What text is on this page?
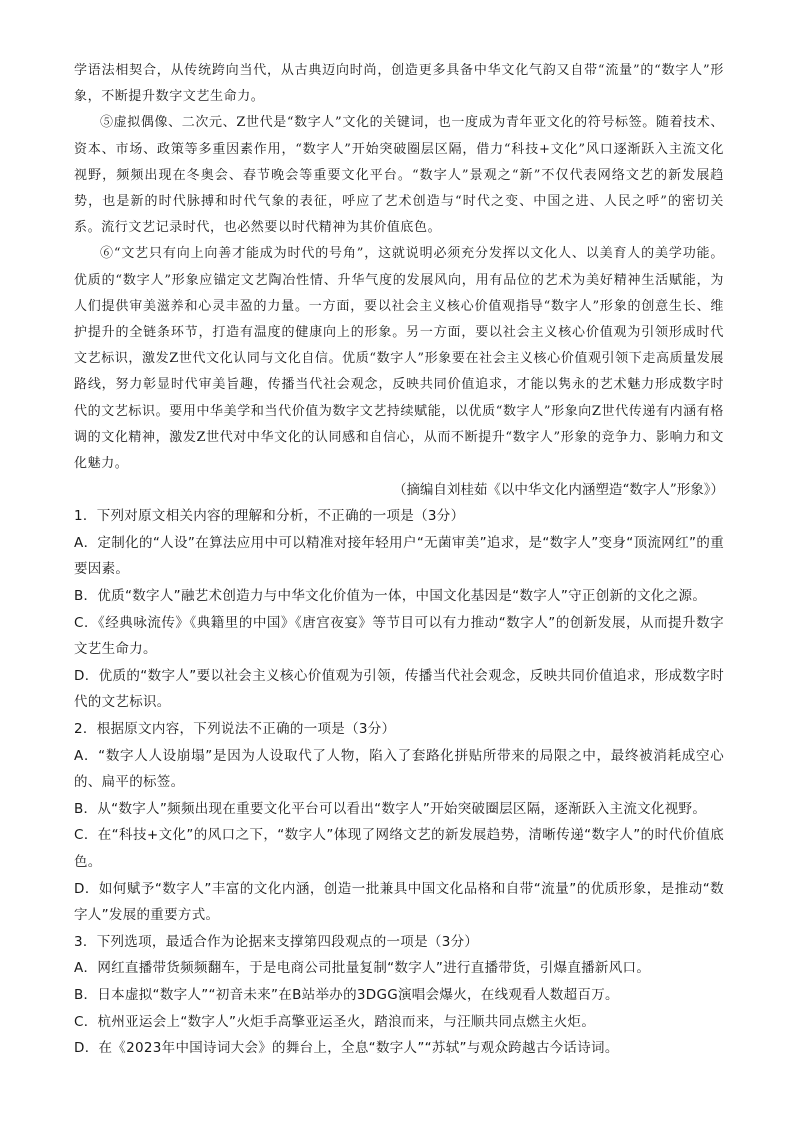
学语法相契合，从传统跨向当代，从古典迈向时尚，创造更多具备中华文化气韵又自带“流量”的“数字人”形象，不断提升数字文艺生命力。

⑤虚拟偶像、二次元、Z世代是“数字人”文化的关键词，也一度成为青年亚文化的符号标签。随着技术、资本、市场、政策等多重因素作用，“数字人”开始突破圈层区隔，借力“科技+文化”风口逐渐跃入主流文化视野，频频出现在冬奥会、春节晚会等重要文化平台。“数字人”景观之“新”不仅代表网络文艺的新发展趋势，也是新的时代脉搏和时代气象的表征，呼应了艺术创造与“时代之变、中国之进、人民之呼”的密切关系。流行文艺记录时代，也必然要以时代精神为其价值底色。

⑥“文艺只有向上向善才能成为时代的号角”，这就说明必须充分发挥以文化人、以美育人的美学功能。优质的“数字人”形象应锚定文艺陶冶性情、升华气度的发展风向，用有品位的艺术为美好精神生活赋能，为人们提供审美滋养和心灵丰盈的力量。一方面，要以社会主义核心价值观指导“数字人”形象的创意生长、维护提升的全链条环节，打造有温度的健康向上的形象。另一方面，要以社会主义核心价值观为引领形成时代文艺标识，激发Z世代文化认同与文化自信。优质“数字人”形象要在社会主义核心价值观引领下走高质量发展路线，努力彰显时代审美旨趣，传播当代社会观念，反映共同价值追求，才能以隽永的艺术魅力形成数字时代的文艺标识。要用中华美学和当代价值为数字文艺持续赋能，以优质“数字人”形象向Z世代传递有内涵有格调的文化精神，激发Z世代对中华文化的认同感和自信心，从而不断提升“数字人”形象的竞争力、影响力和文化魅力。

（摘编自刘桂茹《以中华文化内涵塑造“数字人”形象》）

1．下列对原文相关内容的理解和分析，不正确的一项是（3分）

A．定制化的“人设”在算法应用中可以精准对接年轻用户“无菌审美”追求，是“数字人”变身“顶流网红”的重要因素。

B．优质“数字人”融艺术创造力与中华文化价值为一体，中国文化基因是“数字人”守正创新的文化之源。

C．《经典咏流传》《典籍里的中国》《唐宫夜宴》等节目可以有力推动“数字人”的创新发展，从而提升数字文艺生命力。

D．优质的“数字人”要以社会主义核心价值观为引领，传播当代社会观念，反映共同价值追求，形成数字时代的文艺标识。

2．根据原文内容，下列说法不正确的一项是（3分）

A．“数字人人设崩塌”是因为人设取代了人物，陷入了套路化拼贴所带来的局限之中，最终被消耗成空心的、扁平的标签。

B．从“数字人”频频出现在重要文化平台可以看出“数字人”开始突破圈层区隔，逐渐跃入主流文化视野。

C．在“科技+文化”的风口之下，“数字人”体现了网络文艺的新发展趋势，清晰传递“数字人”的时代价值底色。

D．如何赋予“数字人”丰富的文化内涵，创造一批兼具中国文化品格和自带“流量”的优质形象，是推动“数字人”发展的重要方式。

3．下列选项，最适合作为论据来支撑第四段观点的一项是（3分）

A．网红直播带货频频翻车，于是电商公司批量复制“数字人”进行直播带货，引爆直播新风口。

B．日本虚拟“数字人”“初音未来”在B站举办的3DGG演唱会爆火，在线观看人数超百万。

C．杭州亚运会上“数字人”火炬手高擎亚运圣火，踏浪而来，与汪顺共同点燃主火炬。

D．在《2023年中国诗词大会》的舞台上，全息“数字人”“苏轼”与观众跨越古今话诗词。
